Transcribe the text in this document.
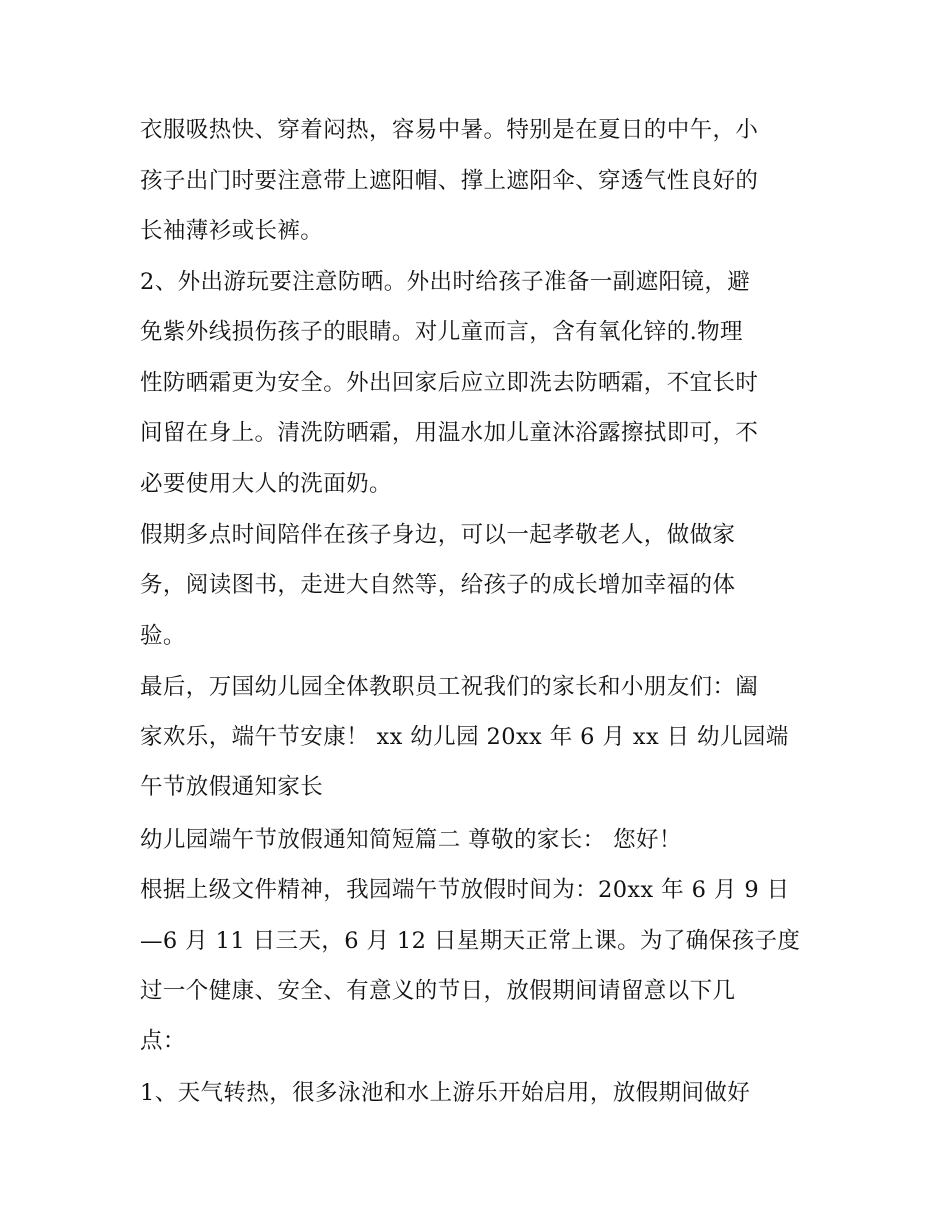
衣服吸热快、穿着闷热，容易中暑。特别是在夏日的中午，小
孩子出门时要注意带上遮阳帽、撑上遮阳伞、穿透气性良好的
长袖薄衫或长裤。
2、外出游玩要注意防晒。外出时给孩子准备一副遮阳镜，避
免紫外线损伤孩子的眼睛。对儿童而言，含有氧化锌的.物理
性防晒霜更为安全。外出回家后应立即洗去防晒霜，不宜长时
间留在身上。清洗防晒霜，用温水加儿童沐浴露擦拭即可，不
必要使用大人的洗面奶。
假期多点时间陪伴在孩子身边，可以一起孝敬老人，做做家
务，阅读图书，走进大自然等，给孩子的成长增加幸福的体
验。
最后，万国幼儿园全体教职员工祝我们的家长和小朋友们：阖
家欢乐，端午节安康！ xx 幼儿园 20xx 年 6 月 xx 日 幼儿园端
午节放假通知家长
幼儿园端午节放假通知简短篇二 尊敬的家长： 您好！
根据上级文件精神，我园端午节放假时间为：20xx 年 6 月 9 日
—6 月 11 日三天，6 月 12 日星期天正常上课。为了确保孩子度
过一个健康、安全、有意义的节日，放假期间请留意以下几
点：
1、天气转热，很多泳池和水上游乐开始启用，放假期间做好
